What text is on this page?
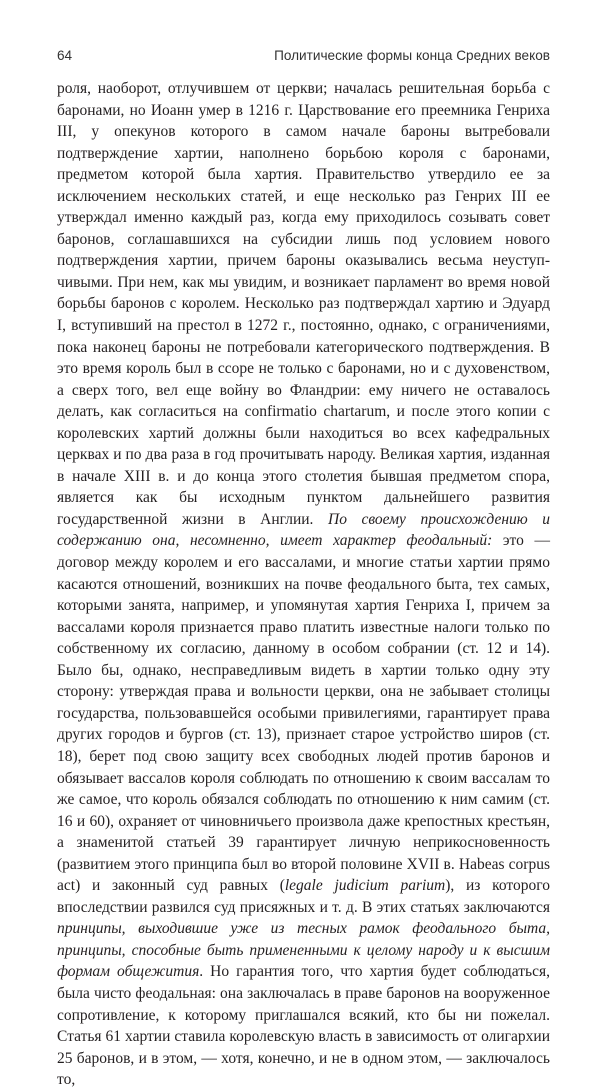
64	Политические формы конца Средних веков

роля, наоборот, отлучившем от церкви; началась решительная борьба с баронами, но Иоанн умер в 1216 г. Царствование его преемника Генриха III, у опекунов которого в самом начале бароны вытребовали подтверждение хартии, наполнено борьбою короля с баронами, предметом которой была хартия. Правительство утвердило ее за исключением нескольких статей, и еще несколько раз Генрих III ее утверждал именно каждый раз, когда ему приходилось созывать совет баронов, соглашавшихся на субсидии лишь под условием нового подтверждения хартии, причем бароны оказывались весьма неуступчивыми. При нем, как мы увидим, и возникает парламент во время новой борьбы баронов с королем. Несколько раз подтверждал хартию и Эдуард I, вступивший на престол в 1272 г., постоянно, однако, с ограничениями, пока наконец бароны не потребовали категорического подтверждения. В это время король был в ссоре не только с баронами, но и с духовенством, а сверх того, вел еще войну во Фландрии: ему ничего не оставалось делать, как согласиться на confirmatio chartarum, и после этого копии с королевских хартий должны были находиться во всех кафедральных церквах и по два раза в год прочитывать народу. Великая хартия, изданная в начале XIII в. и до конца этого столетия бывшая предметом спора, является как бы исходным пунктом дальнейшего развития государственной жизни в Англии. По своему происхождению и содержанию она, несомненно, имеет характер феодальный: это — договор между королем и его вассалами, и многие статьи хартии прямо касаются отношений, возникших на почве феодального быта, тех самых, которыми занята, например, и упомянутая хартия Генриха I, причем за вассалами короля признается право платить известные налоги только по собственному их согласию, данному в особом собрании (ст. 12 и 14). Было бы, однако, несправедливым видеть в хартии только одну эту сторону: утверждая права и вольности церкви, она не забывает столицы государства, пользовавшейся особыми привилегиями, гарантирует права других городов и бургов (ст. 13), признает старое устройство широв (ст. 18), берет под свою защиту всех свободных людей против баронов и обязывает вассалов короля соблюдать по отношению к своим вассалам то же самое, что король обязался соблюдать по отношению к ним самим (ст. 16 и 60), охраняет от чиновничьего произвола даже крепостных крестьян, а знаменитой статьей 39 гарантирует личную неприкосновенность (развитием этого принципа был во второй половине XVII в. Habeas corpus act) и законный суд равных (legale judicium parium), из которого впоследствии развился суд присяжных и т. д. В этих статьях заключаются принципы, выходившие уже из тесных рамок феодального быта, принципы, способные быть примененными к целому народу и к высшим формам общежития. Но гарантия того, что хартия будет соблюдаться, была чисто феодальная: она заключалась в праве баронов на вооруженное сопротивление, к которому приглашался всякий, кто бы ни пожелал. Статья 61 хартии ставила королевскую власть в зависимость от олигархии 25 баронов, и в этом, — хотя, конечно, и не в одном этом, — заключалось то,
